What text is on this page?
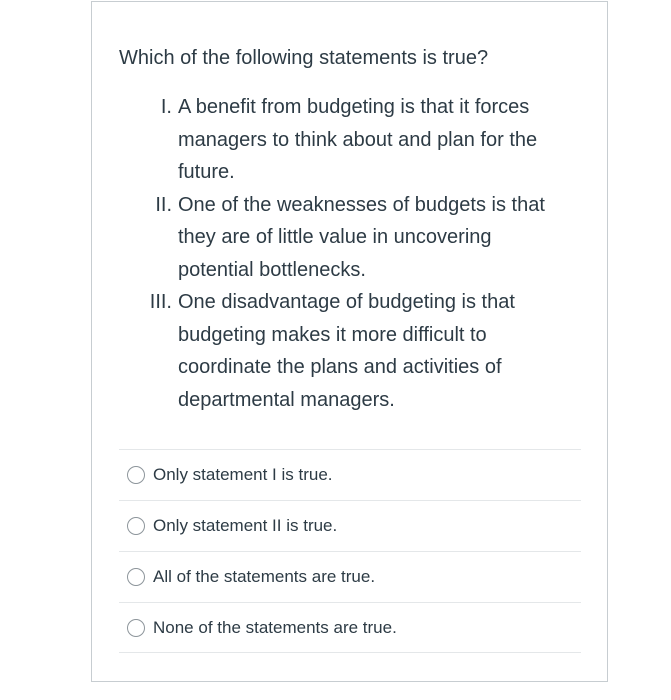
Which of the following statements is true?
I. A benefit from budgeting is that it forces
managers to think about and plan for the
future.
II. One of the weaknesses of budgets is that
they are of little value in uncovering
potential bottlenecks.
III. One disadvantage of budgeting is that
budgeting makes it more difficult to
coordinate the plans and activities of
departmental managers.
Only statement I is true.
Only statement II is true.
All of the statements are true.
None of the statements are true.
